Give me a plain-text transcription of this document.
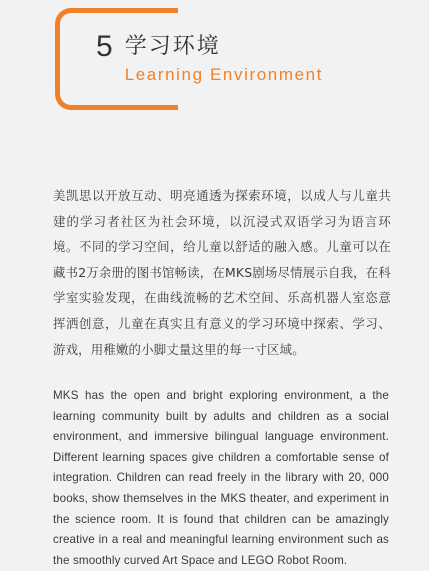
5 学习环境
Learning Environment

美凯思以开放互动、明亮通透为探索环境，以成人与儿童共建的学习者社区为社会环境，以沉浸式双语学习为语言环境。不同的学习空间，给儿童以舒适的融入感。儿童可以在藏书2万余册的图书馆畅读，在MKS剧场尽情展示自我，在科学室实验发现，在曲线流畅的艺术空间、乐高机器人室恣意挥洒创意，儿童在真实且有意义的学习环境中探索、学习、游戏，用稚嫩的小脚丈量这里的每一寸区域。

MKS has the open and bright exploring environment, a the learning community built by adults and children as a social environment, and immersive bilingual language environment. Different learning spaces give children a comfortable sense of integration. Children can read freely in the library with 20, 000 books, show themselves in the MKS theater, and experiment in the science room. It is found that children can be amazingly creative in a real and meaningful learning environment such as the smoothly curved Art Space and LEGO Robot Room.
